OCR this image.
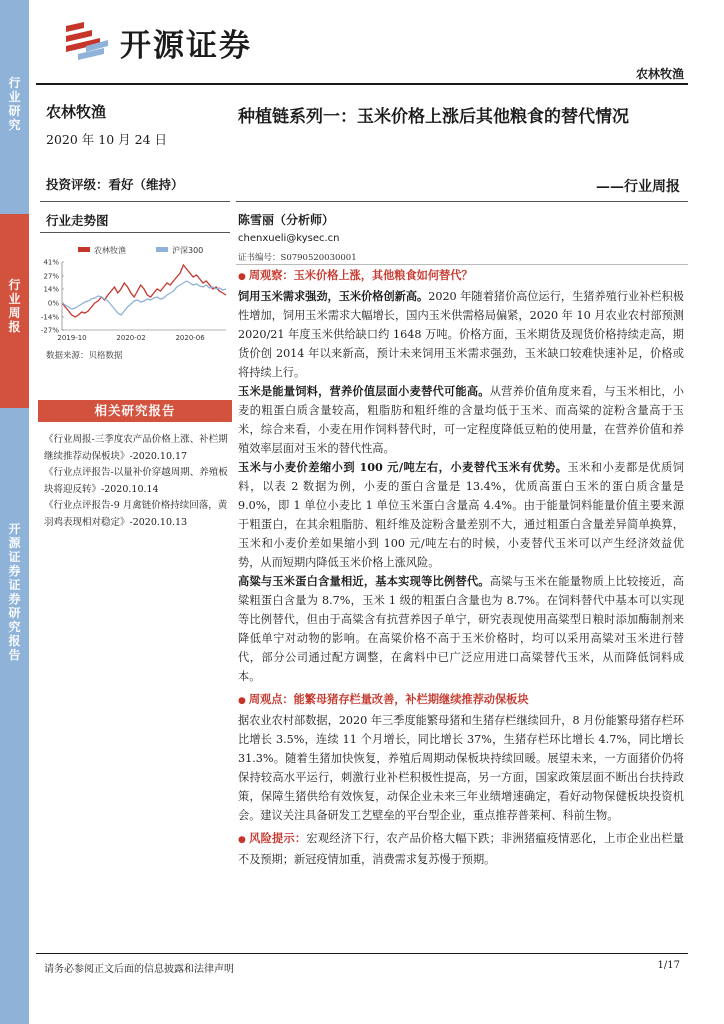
行业研究
行业周报
开源证券证券研究报告
开源证券
农林牧渔
农林牧渔
2020 年 10 月 24 日
投资评级：看好（维持）
行业走势图
农林牧渔	沪深300
41%
27%
14%
0%
-14%
-27%
2019-10	2020-02	2020-06
数据来源：贝格数据
相关研究报告
《行业周报-三季度农产品价格上涨、补栏期继续推荐动保板块》-2020.10.17
《行业点评报告-以量补价穿越周期、养殖板块将迎反转》-2020.10.14
《行业点评报告-9 月禽链价格持续回落，黄羽鸡表现相对稳定》-2020.10.13
种植链系列一：玉米价格上涨后其他粮食的替代情况
——行业周报
陈雪丽（分析师）
chenxueli@kysec.cn
证书编号：S0790520030001
● 周观察：玉米价格上涨，其他粮食如何替代？

饲用玉米需求强劲，玉米价格创新高。2020 年随着猪价高位运行，生猪养殖行业补栏积极性增加，饲用玉米需求大幅增长，国内玉米供需格局偏紧，2020 年 10 月农业农村部预测 2020/21 年度玉米供给缺口约 1648 万吨。价格方面，玉米期货及现货价格持续走高，期货价创 2014 年以来新高，预计未来饲用玉米需求强劲，玉米缺口较难快速补足，价格或将持续上行。

玉米是能量饲料，营养价值层面小麦替代可能高。从营养价值角度来看，与玉米相比，小麦的粗蛋白质含量较高，粗脂肪和粗纤维的含量均低于玉米、而高粱的淀粉含量高于玉米，综合来看，小麦在用作饲料替代时，可一定程度降低豆粕的使用量，在营养价值和养殖效率层面对玉米的替代性高。

玉米与小麦价差缩小到 100 元/吨左右，小麦替代玉米有优势。玉米和小麦都是优质饲料，以表 2 数据为例，小麦的蛋白含量是 13.4%，优质高蛋白玉米的蛋白质含量是 9.0%，即 1 单位小麦比 1 单位玉米蛋白含量高 4.4%。由于能量饲料能量价值主要来源于粗蛋白，在其余粗脂肪、粗纤维及淀粉含量差别不大，通过粗蛋白含量差异简单换算，玉米和小麦价差如果缩小到 100 元/吨左右的时候，小麦替代玉米可以产生经济效益优势，从而短期内降低玉米价格上涨风险。

高粱与玉米蛋白含量相近，基本实现等比例替代。高粱与玉米在能量物质上比较接近，高粱粗蛋白含量为 8.7%，玉米 1 级的粗蛋白含量也为 8.7%。在饲料替代中基本可以实现等比例替代，但由于高粱含有抗营养因子单宁，研究表现使用高粱型日粮时添加酶制剂来降低单宁对动物的影响。在高粱价格不高于玉米价格时，均可以采用高粱对玉米进行替代，部分公司通过配方调整，在禽料中已广泛应用进口高粱替代玉米，从而降低饲料成本。

● 周观点：能繁母猪存栏量改善，补栏期继续推荐动保板块

据农业农村部数据，2020 年三季度能繁母猪和生猪存栏继续回升，8 月份能繁母猪存栏环比增长 3.5%，连续 11 个月增长，同比增长 37%，生猪存栏环比增长 4.7%，同比增长 31.3%。随着生猪加快恢复，养殖后周期动保板块持续回暖。展望未来，一方面猪价仍将保持较高水平运行，刺激行业补栏积极性提高，另一方面，国家政策层面不断出台扶持政策，保障生猪供给有效恢复，动保企业未来三年业绩增速确定，看好动物保健板块投资机会。建议关注具备研发工艺壁垒的平台型企业，重点推荐普莱柯、科前生物。

● 风险提示：宏观经济下行，农产品价格大幅下跌；非洲猪瘟疫情恶化，上市企业出栏量不及预期；新冠疫情加重，消费需求复苏慢于预期。

请务必参阅正文后面的信息披露和法律声明	1/17
